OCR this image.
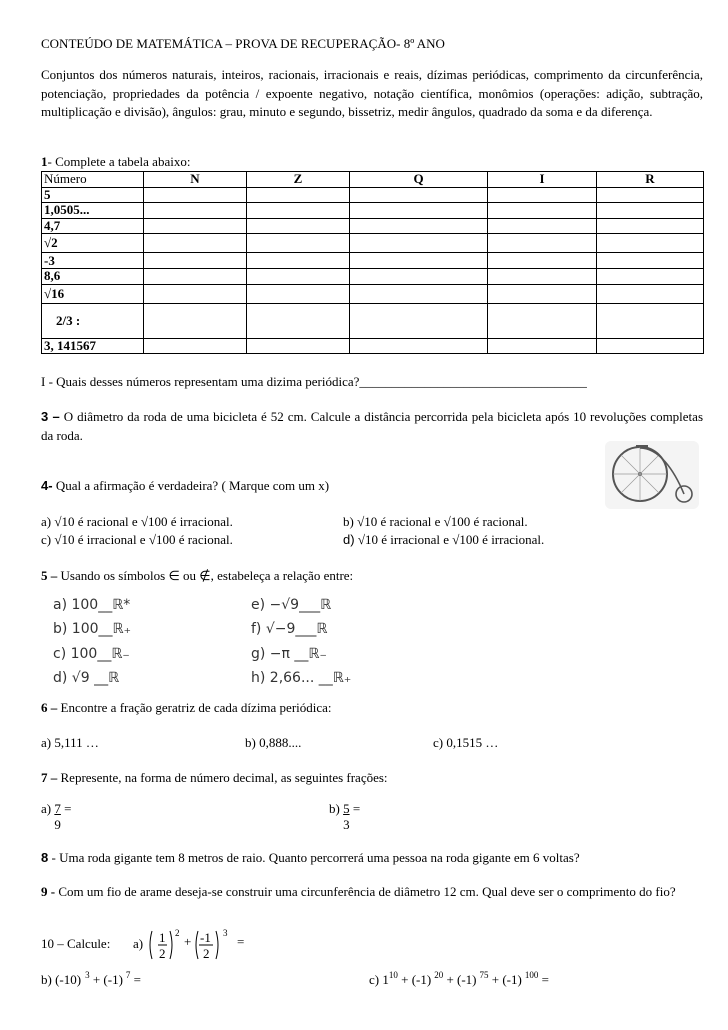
CONTEÚDO DE MATEMÁTICA – PROVA DE RECUPERAÇÃO- 8º ANO
Conjuntos dos números naturais, inteiros, racionais, irracionais e reais, dízimas periódicas, comprimento da circunferência, potenciação, propriedades da potência / expoente negativo, notação científica, monômios (operações: adição, subtração, multiplicação e divisão), ângulos: grau, minuto e segundo, bissetriz, medir ângulos, quadrado da soma e da diferença.
1- Complete a tabela abaixo:
Número	N	Z	Q	I	R
5					
1,0505...					
4,7					
√2					
-3					
8,6					
√16					
2/3 :					
3, 141567					
I - Quais desses números representam uma dizima periódica?___________________________________
3 – O diâmetro da roda de uma bicicleta é 52 cm. Calcule a distância percorrida pela bicicleta após 10 revoluções completas da roda.
4- Qual a afirmação é verdadeira? ( Marque com um x)
a) √10 é racional e √100 é irracional.	b) √10 é racional e √100 é racional.
c) √10 é irracional e √100 é racional.	d) √10 é irracional e √100 é irracional.
5 – Usando os símbolos ∈ ou ∉, estabeleça a relação entre:
a) 100__ℝ*
b) 100__ℝ₊
c) 100__ℝ₋
d) √9 __ℝ
e) −√9___ℝ
f) √−9___ℝ
g) −π __ℝ₋
h) 2,66... __ℝ₊
6 – Encontre a fração geratriz de cada dízima periódica:
a) 5,111 …	b) 0,888....	c) 0,1515 …
7 – Represente, na forma de número decimal, as seguintes frações:
$a) \frac{7}{9}$ =	$b) \frac{5}{3}$ =
8 - Uma roda gigante tem 8 metros de raio. Quanto percorrerá uma pessoa na roda gigante em 6 voltas?
9 - Com um fio de arame deseja-se construir uma circunferência de diâmetro 12 cm. Qual deve ser o comprimento do fio?
10 – Calcule: a) 1
2
2
+ -1
2
3
=
b) (-10) $^3$ + (-1) $^7$ =	c) $1^{10} + (-1) ^{20} + (-1) ^{75} + (-1) ^{100}$ =
